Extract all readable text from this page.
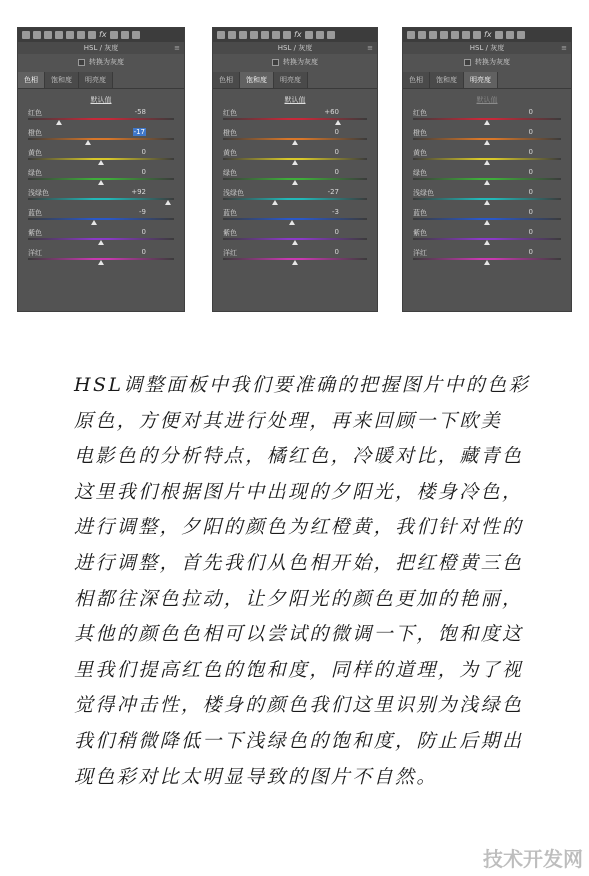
fx
HSL / 灰度	≡
转换为灰度
色相	饱和度	明亮度
默认值
红色	-58
橙色	-17
黄色	0
绿色	0
浅绿色	+92
蓝色	-9
紫色	0
洋红	0
fx
HSL / 灰度	≡
转换为灰度
色相	饱和度	明亮度
默认值
红色	+60
橙色	0
黄色	0
绿色	0
浅绿色	-27
蓝色	-3
紫色	0
洋红	0
fx
HSL / 灰度	≡
转换为灰度
色相	饱和度	明亮度
默认值
红色	0
橙色	0
黄色	0
绿色	0
浅绿色	0
蓝色	0
紫色	0
洋红	0
HSL调整面板中我们要准确的把握图片中的色彩
原色，方便对其进行处理，再来回顾一下欧美
电影色的分析特点，橘红色，冷暖对比，藏青色
这里我们根据图片中出现的夕阳光，楼身冷色，
进行调整，夕阳的颜色为红橙黄，我们针对性的
进行调整，首先我们从色相开始，把红橙黄三色
相都往深色拉动，让夕阳光的颜色更加的艳丽，
其他的颜色色相可以尝试的微调一下，饱和度这
里我们提高红色的饱和度，同样的道理，为了视
觉得冲击性，楼身的颜色我们这里识别为浅绿色
我们稍微降低一下浅绿色的饱和度，防止后期出
现色彩对比太明显导致的图片不自然。
技术开发网
